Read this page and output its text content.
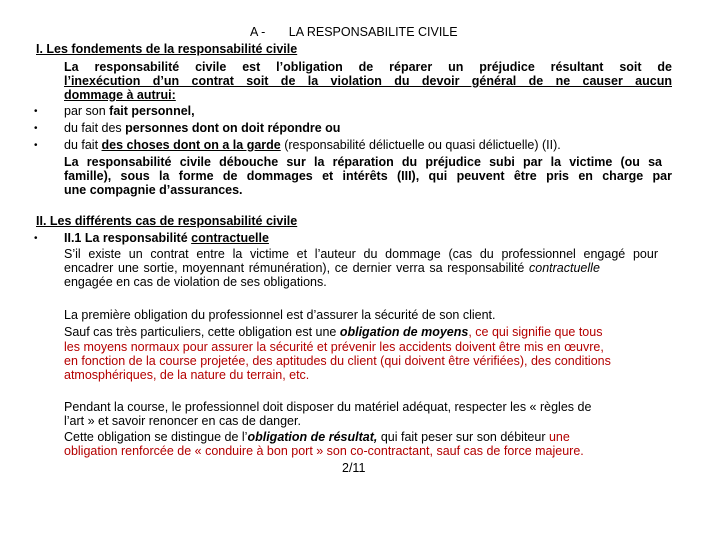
A - LA RESPONSABILITE CIVILE
I. Les fondements de la responsabilité civile
La responsabilité civile est l’obligation de réparer un préjudice résultant soit de
l’inexécution d’un contrat soit de la violation du devoir général de ne causer aucun
dommage à autrui:
• par son fait personnel,
• du fait des personnes dont on doit répondre ou
• du fait des choses dont on a la garde (responsabilité délictuelle ou quasi délictuelle) (II).
La responsabilité civile débouche sur la réparation du préjudice subi par la victime (ou sa
famille), sous la forme de dommages et intérêts (III), qui peuvent être pris en charge par
une compagnie d’assurances.
II. Les différents cas de responsabilité civile
• II.1 La responsabilité contractuelle
S’il existe un contrat entre la victime et l’auteur du dommage (cas du professionnel engagé pour
encadrer une sortie, moyennant rémunération), ce dernier verra sa responsabilité contractuelle
engagée en cas de violation de ses obligations.
La première obligation du professionnel est d’assurer la sécurité de son client.
Sauf cas très particuliers, cette obligation est une obligation de moyens, ce qui signifie que tous
les moyens normaux pour assurer la sécurité et prévenir les accidents doivent être mis en œuvre,
en fonction de la course projetée, des aptitudes du client (qui doivent être vérifiées), des conditions
atmosphériques, de la nature du terrain, etc.
Pendant la course, le professionnel doit disposer du matériel adéquat, respecter les « règles de
l’art » et savoir renoncer en cas de danger.
Cette obligation se distingue de l’obligation de résultat, qui fait peser sur son débiteur une
obligation renforcée de « conduire à bon port » son co-contractant, sauf cas de force majeure.
2/11
